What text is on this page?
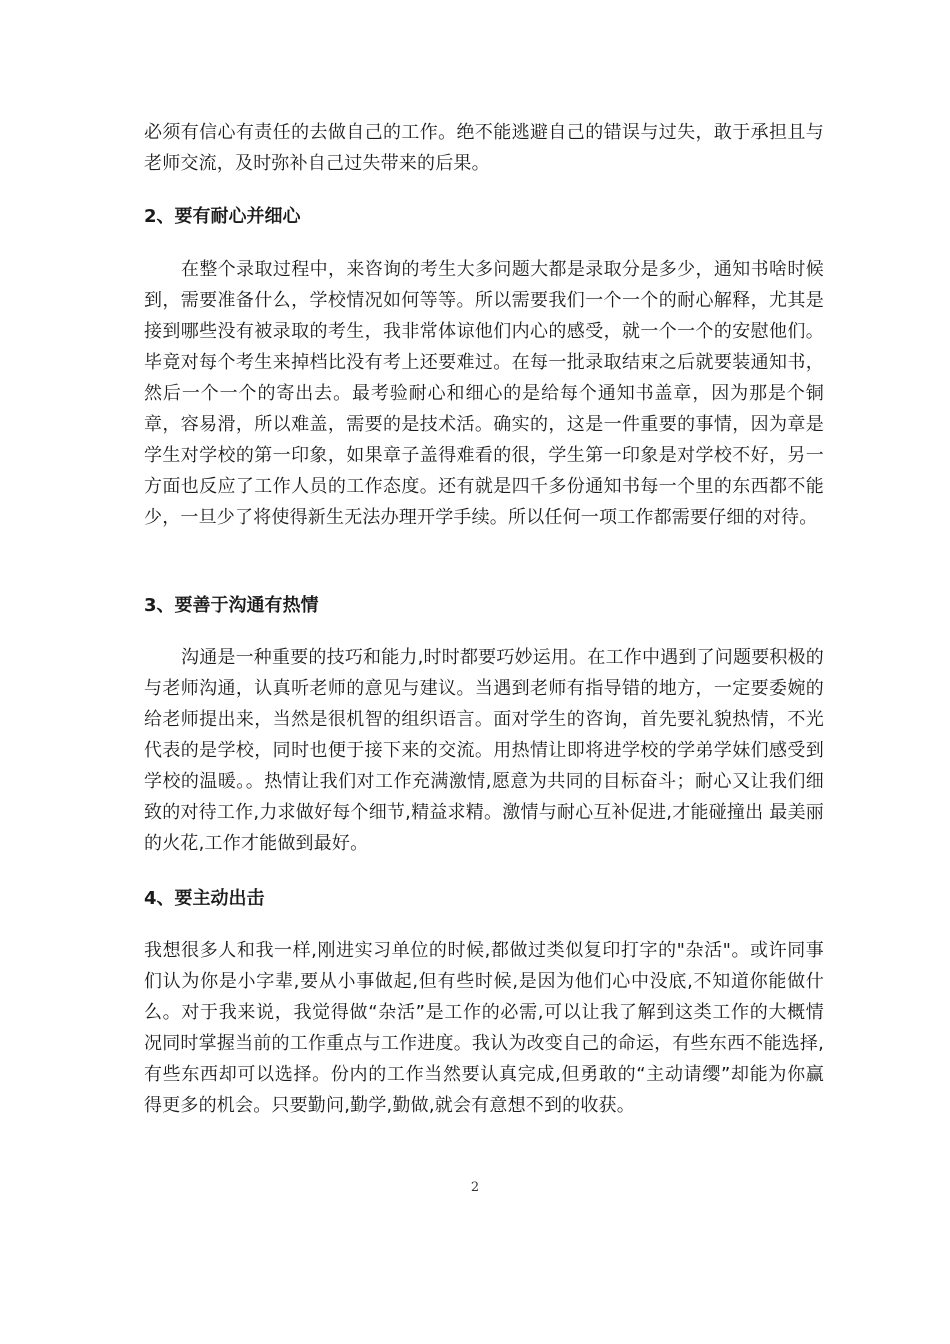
必须有信心有责任的去做自己的工作。绝不能逃避自己的错误与过失，敢于承担且与老师交流，及时弥补自己过失带来的后果。

2、要有耐心并细心

在整个录取过程中，来咨询的考生大多问题大都是录取分是多少，通知书啥时候到，需要准备什么，学校情况如何等等。所以需要我们一个一个的耐心解释，尤其是接到哪些没有被录取的考生，我非常体谅他们内心的感受，就一个一个的安慰他们。毕竟对每个考生来掉档比没有考上还要难过。在每一批录取结束之后就要装通知书，然后一个一个的寄出去。最考验耐心和细心的是给每个通知书盖章，因为那是个铜章，容易滑，所以难盖，需要的是技术活。确实的，这是一件重要的事情，因为章是学生对学校的第一印象，如果章子盖得难看的很，学生第一印象是对学校不好，另一方面也反应了工作人员的工作态度。还有就是四千多份通知书每一个里的东西都不能少，一旦少了将使得新生无法办理开学手续。所以任何一项工作都需要仔细的对待。

3、要善于沟通有热情

沟通是一种重要的技巧和能力,时时都要巧妙运用。在工作中遇到了问题要积极的与老师沟通，认真听老师的意见与建议。当遇到老师有指导错的地方，一定要委婉的给老师提出来，当然是很机智的组织语言。面对学生的咨询，首先要礼貌热情，不光代表的是学校，同时也便于接下来的交流。用热情让即将进学校的学弟学妹们感受到学校的温暖。。热情让我们对工作充满激情,愿意为共同的目标奋斗；耐心又让我们细致的对待工作,力求做好每个细节,精益求精。激情与耐心互补促进,才能碰撞出 最美丽的火花,工作才能做到最好。

4、要主动出击

我想很多人和我一样,刚进实习单位的时候,都做过类似复印打字的"杂活"。或许同事们认为你是小字辈,要从小事做起,但有些时候,是因为他们心中没底,不知道你能做什么。对于我来说，我觉得做“杂活”是工作的必需,可以让我了解到这类工作的大概情况同时掌握当前的工作重点与工作进度。我认为改变自己的命运，有些东西不能选择,有些东西却可以选择。份内的工作当然要认真完成,但勇敢的“主动请缨”却能为你赢得更多的机会。只要勤问,勤学,勤做,就会有意想不到的收获。

2
